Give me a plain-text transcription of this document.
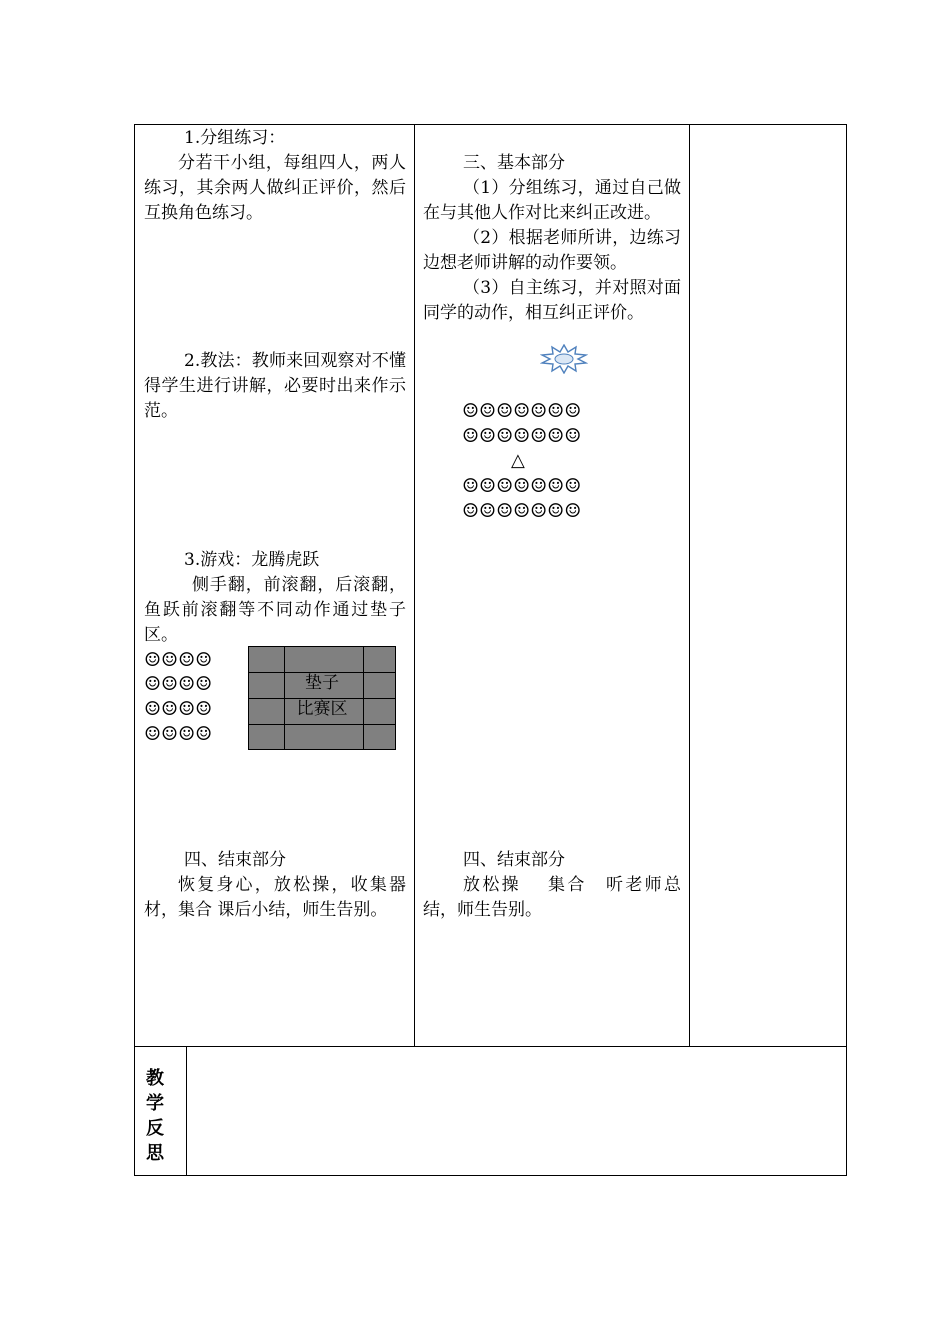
1.分组练习：

分若干小组，每组四人，两人练习，其余两人做纠正评价，然后互换角色练习。

2.教法：教师来回观察对不懂得学生进行讲解，必要时出来作示范。

3.游戏：龙腾虎跃

侧手翻，前滚翻，后滚翻，鱼跃前滚翻等不同动作通过垫子区。

☺☺☺☺
☺☺☺☺
☺☺☺☺
☺☺☺☺
垫子
比赛区

四、结束部分

恢复身心，放松操，收集器材，集合 课后小结，师生告别。

三、基本部分

（1）分组练习，通过自己做在与其他人作对比来纠正改进。

（2）根据老师所讲，边练习边想老师讲解的动作要领。

（3）自主练习，并对照对面同学的动作，相互纠正评价。

☺☺☺☺☺☺☺
☺☺☺☺☺☺☺
△
☺☺☺☺☺☺☺
☺☺☺☺☺☺☺

四、结束部分

放松操　 集合　听老师总结，师生告别。

教学反思
